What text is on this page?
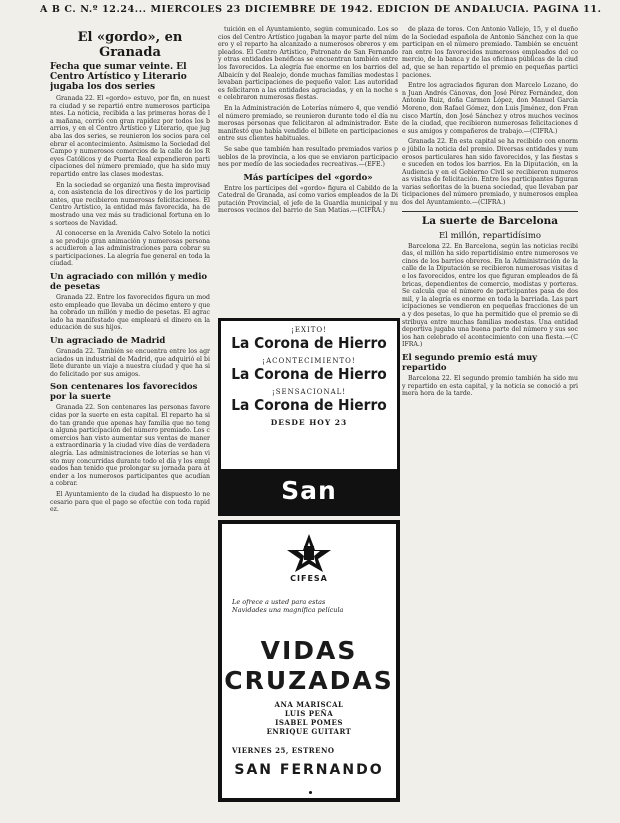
A B C. N.º 12.24... MIERCOLES 23 DICIEMBRE DE 1942. EDICION DE ANDALUCIA. PAGINA 11.
El «gordo», en Granada
Fecha que sumar veinte. El Centro Artístico y Literario jugaba los dos series

Granada 22. El «gordo» estuvo, por fin, en nuestra ciudad y se repartió entre numerosos participantes. La noticia, recibida a las primeras horas de la mañana, corrió con gran rapidez por todos los barrios, y en el Centro Artístico y Literario, que jugaba las dos series, se reunieron los socios para celebrar el acontecimiento. Asimismo la Sociedad del Campo y numerosos comercios de la calle de los Reyes Católicos y de Puerta Real expendieron participaciones del número premiado, que ha sido muy repartido entre las clases modestas.

En la sociedad se organizó una fiesta improvisada, con asistencia de los directivos y de los participantes, que recibieron numerosas felicitaciones. El Centro Artístico, la entidad más favorecida, ha demostrado una vez más su tradicional fortuna en los sorteos de Navidad.

Al conocerse en la Avenida Calvo Sotelo la noticia se produjo gran animación y numerosas personas acudieron a las administraciones para cobrar sus participaciones. La alegría fue general en toda la ciudad.

Un agraciado con millón y medio de pesetas

Granada 22. Entre los favorecidos figura un modesto empleado que llevaba un décimo entero y que ha cobrado un millón y medio de pesetas. El agraciado ha manifestado que empleará el dinero en la educación de sus hijos.

Un agraciado de Madrid

Granada 22. También se encuentra entre los agraciados un industrial de Madrid, que adquirió el billete durante un viaje a nuestra ciudad y que ha sido felicitado por sus amigos.

Son centenares los favorecidos por la suerte

Granada 22. Son centenares las personas favorecidas por la suerte en esta capital. El reparto ha sido tan grande que apenas hay familia que no tenga alguna participación del número premiado. Los comercios han visto aumentar sus ventas de manera extraordinaria y la ciudad vive días de verdadera alegría. Las administraciones de loterías se han visto muy concurridas durante todo el día y los empleados han tenido que prolongar su jornada para atender a los numerosos participantes que acudían a cobrar.

El Ayuntamiento de la ciudad ha dispuesto lo necesario para que el pago se efectúe con toda rapidez.

tuición en el Ayuntamiento, según comunicado. Los socios del Centro Artístico jugaban la mayor parte del número y el reparto ha alcanzado a numerosos obreros y empleados. El Centro Artístico, Patronato de San Fernando y otras entidades benéficas se encuentran también entre los favorecidos. La alegría fue enorme en los barrios del Albaicín y del Realejo, donde muchas familias modestas llevaban participaciones de pequeño valor. Las autoridades felicitaron a las entidades agraciadas, y en la noche se celebraron numerosas fiestas.

En la Administración de Loterías número 4, que vendió el número premiado, se reunieron durante todo el día numerosas personas que felicitaron al administrador. Este manifestó que había vendido el billete en participaciones entre sus clientes habituales.

Se sabe que también han resultado premiados varios pueblos de la provincia, a los que se enviaron participaciones por medio de las sociedades recreativas.—(EFE.)

Más partícipes del «gordo»

Entre los partícipes del «gordo» figura el Cabildo de la Catedral de Granada, así como varios empleados de la Diputación Provincial, el jefe de la Guardia municipal y numerosos vecinos del barrio de San Matías.—(CIFRA.)

¡EXITO!
La Corona de Hierro
¡ACONTECIMIENTO!
La Corona de Hierro
¡SENSACIONAL!
La Corona de Hierro
DESDE HOY 23
San
CIFESA
Le ofrece a usted para estas Navidades una magnífica película
VIDAS
CRUZADAS
ANA MARISCAL
LUIS PEÑA
ISABEL POMES
ENRIQUE GUITART
VIERNES 25, ESTRENO
SAN FERNANDO

de plaza de toros. Con Antonio Vallejo, 15, y el dueño de la Sociedad española de Antonio Sánchez con la que participan en el número premiado. También se encuentran entre los favorecidos numerosos empleados del comercio, de la banca y de las oficinas públicas de la ciudad, que se han repartido el premio en pequeñas participaciones.

Entre los agraciados figuran don Marcelo Lozano, don Juan Andrés Cánovas, don José Pérez Fernández, don Antonio Ruiz, doña Carmen López, don Manuel García Moreno, don Rafael Gómez, don Luis Jiménez, don Francisco Martín, don José Sánchez y otros muchos vecinos de la ciudad, que recibieron numerosas felicitaciones de sus amigos y compañeros de trabajo.—(CIFRA.)

Granada 22. En esta capital se ha recibido con enorme júbilo la noticia del premio. Diversas entidades y numerosos particulares han sido favorecidos, y las fiestas se suceden en todos los barrios. En la Diputación, en la Audiencia y en el Gobierno Civil se recibieron numerosas visitas de felicitación. Entre los participantes figuran varias señoritas de la buena sociedad, que llevaban participaciones del número premiado, y numerosos empleados del Ayuntamiento.—(CIFRA.)

La suerte de Barcelona
El millón, repartidísimo

Barcelona 22. En Barcelona, según las noticias recibidas, el millón ha sido repartidísimo entre numerosos vecinos de los barrios obreros. En la Administración de la calle de la Diputación se recibieron numerosas visitas de los favorecidos, entre los que figuran empleados de fábricas, dependientes de comercio, modistas y porteras. Se calcula que el número de participantes pasa de dos mil, y la alegría es enorme en toda la barriada. Las participaciones se vendieron en pequeñas fracciones de una y dos pesetas, lo que ha permitido que el premio se distribuya entre muchas familias modestas. Una entidad deportiva jugaba una buena parte del número y sus socios han celebrado el acontecimiento con una fiesta.—(CIFRA.)

El segundo premio está muy repartido

Barcelona 22. El segundo premio también ha sido muy repartido en esta capital, y la noticia se conoció a primera hora de la tarde.
